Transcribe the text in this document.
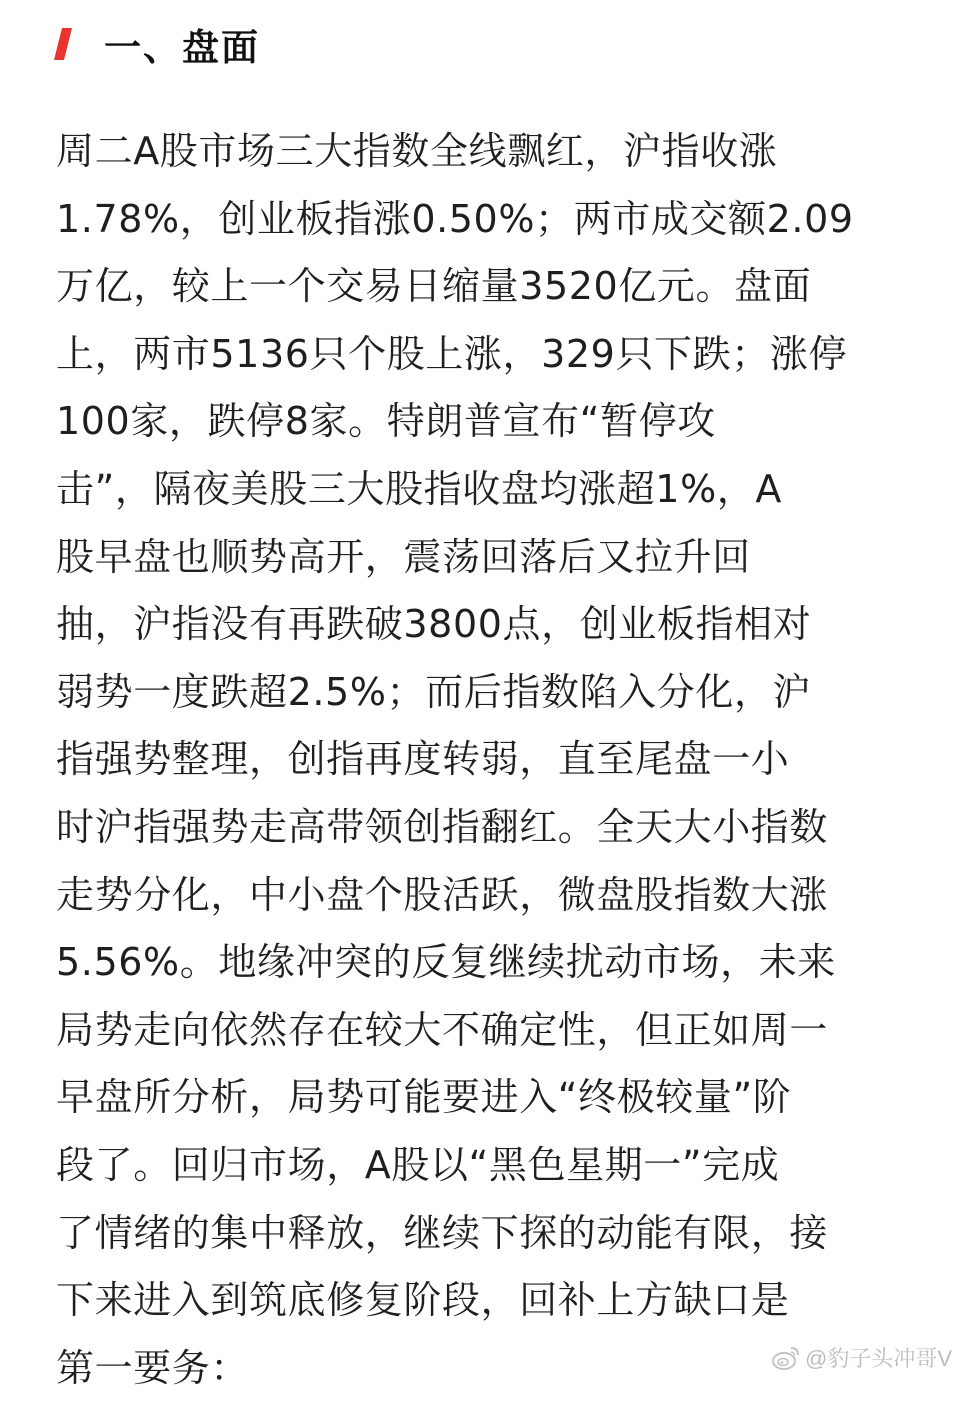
一、盘面
周二A股市场三大指数全线飘红，沪指收涨
1.78%，创业板指涨0.50%；两市成交额2.09
万亿，较上一个交易日缩量3520亿元。盘面
上，两市5136只个股上涨，329只下跌；涨停
100家，跌停8家。特朗普宣布“暂停攻
击”，隔夜美股三大股指收盘均涨超1%，A
股早盘也顺势高开，震荡回落后又拉升回
抽，沪指没有再跌破3800点，创业板指相对
弱势一度跌超2.5%；而后指数陷入分化，沪
指强势整理，创指再度转弱，直至尾盘一小
时沪指强势走高带领创指翻红。全天大小指数
走势分化，中小盘个股活跃，微盘股指数大涨
5.56%。地缘冲突的反复继续扰动市场，未来
局势走向依然存在较大不确定性，但正如周一
早盘所分析，局势可能要进入“终极较量”阶
段了。回归市场，A股以“黑色星期一”完成
了情绪的集中释放，继续下探的动能有限，接
下来进入到筑底修复阶段，回补上方缺口是
第一要务：	@豹子头冲哥V
